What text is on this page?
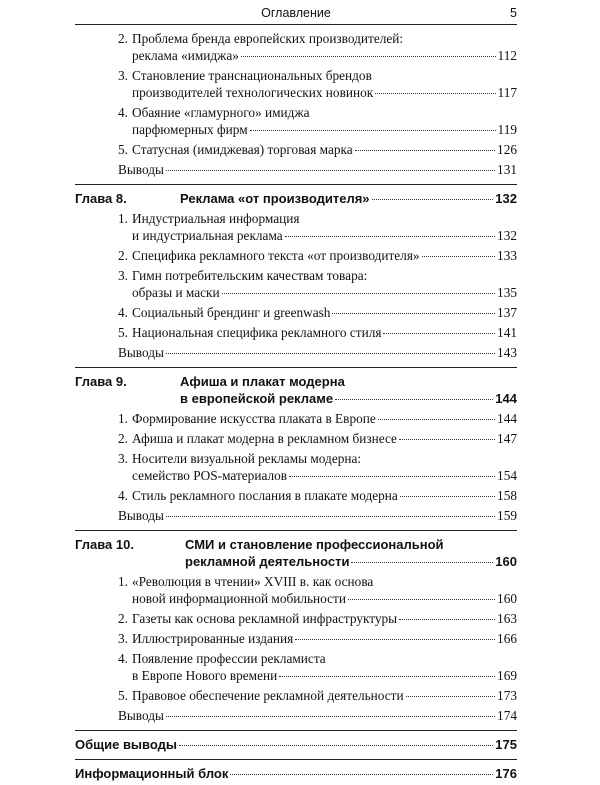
Оглавление	5
2. Проблема бренда европейских производителей:
реклама «имиджа»	112
3. Становление транснациональных брендов
производителей технологических новинок	117
4. Обаяние «гламурного» имиджа
парфюмерных фирм	119
5. Статусная (имиджевая) торговая марка	126
Выводы	131
Глава 8.	Реклама «от производителя»	132
1. Индустриальная информация
и индустриальная реклама	132
2. Специфика рекламного текста «от производителя»	133
3. Гимн потребительским качествам товара:
образы и маски	135
4. Социальный брендинг и greenwash	137
5. Национальная специфика рекламного стиля	141
Выводы	143
Глава 9.	Афиша и плакат модерна
в европейской рекламе	144
1. Формирование искусства плаката в Европе	144
2. Афиша и плакат модерна в рекламном бизнесе	147
3. Носители визуальной рекламы модерна:
семейство POS-материалов	154
4. Стиль рекламного послания в плакате модерна	158
Выводы	159
Глава 10.	СМИ и становление профессиональной
рекламной деятельности	160
1. «Революция в чтении» XVIII в. как основа
новой информационной мобильности	160
2. Газеты как основа рекламной инфраструктуры	163
3. Иллюстрированные издания	166
4. Появление профессии рекламиста
в Европе Нового времени	169
5. Правовое обеспечение рекламной деятельности	173
Выводы	174
Общие выводы	175
Информационный блок	176
